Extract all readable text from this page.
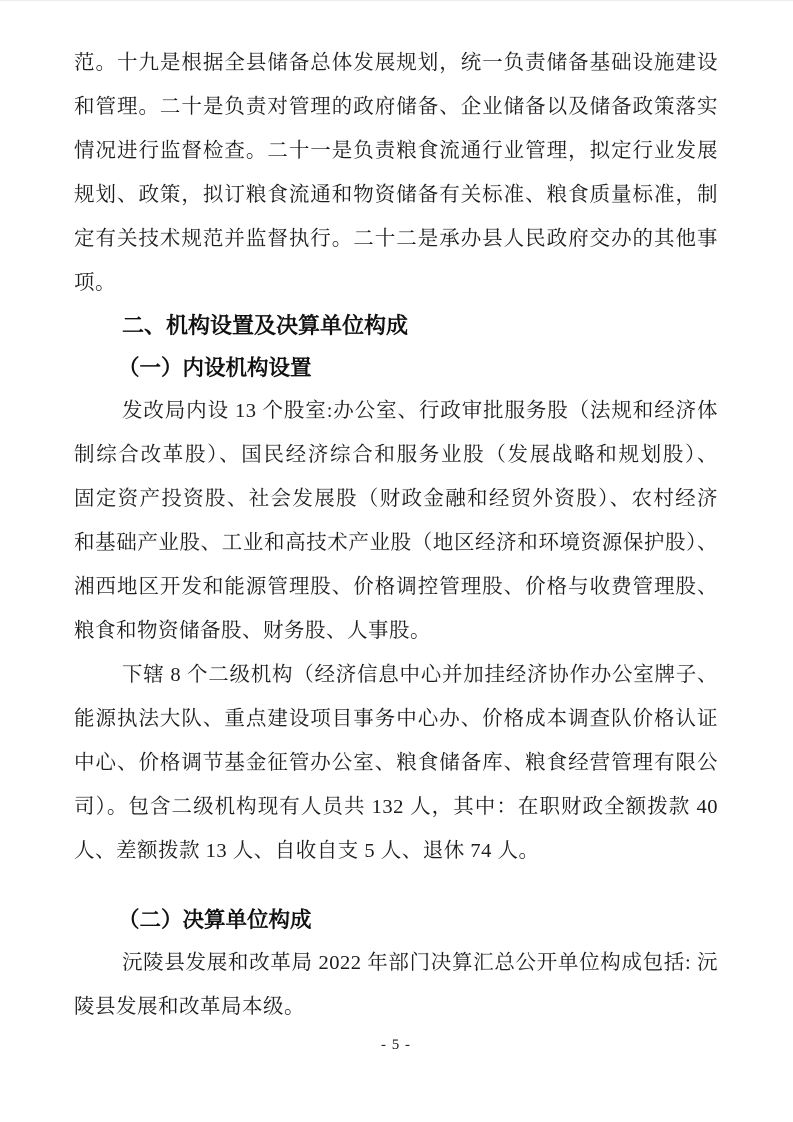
范。十九是根据全县储备总体发展规划，统一负责储备基础设施建设
和管理。二十是负责对管理的政府储备、企业储备以及储备政策落实
情况进行监督检查。二十一是负责粮食流通行业管理，拟定行业发展
规划、政策，拟订粮食流通和物资储备有关标准、粮食质量标准，制
定有关技术规范并监督执行。二十二是承办县人民政府交办的其他事
项。
二、机构设置及决算单位构成
（一）内设机构设置
发改局内设 13 个股室:办公室、行政审批服务股（法规和经济体
制综合改革股）、国民经济综合和服务业股（发展战略和规划股）、
固定资产投资股、社会发展股（财政金融和经贸外资股）、农村经济
和基础产业股、工业和高技术产业股（地区经济和环境资源保护股）、
湘西地区开发和能源管理股、价格调控管理股、价格与收费管理股、
粮食和物资储备股、财务股、人事股。
下辖 8 个二级机构（经济信息中心并加挂经济协作办公室牌子、
能源执法大队、重点建设项目事务中心办、价格成本调查队价格认证
中心、价格调节基金征管办公室、粮食储备库、粮食经营管理有限公
司）。包含二级机构现有人员共 132 人，其中：在职财政全额拨款 40
人、差额拨款 13 人、自收自支 5 人、退休 74 人。
（二）决算单位构成
沅陵县发展和改革局 2022 年部门决算汇总公开单位构成包括: 沅
陵县发展和改革局本级。
- 5 -
